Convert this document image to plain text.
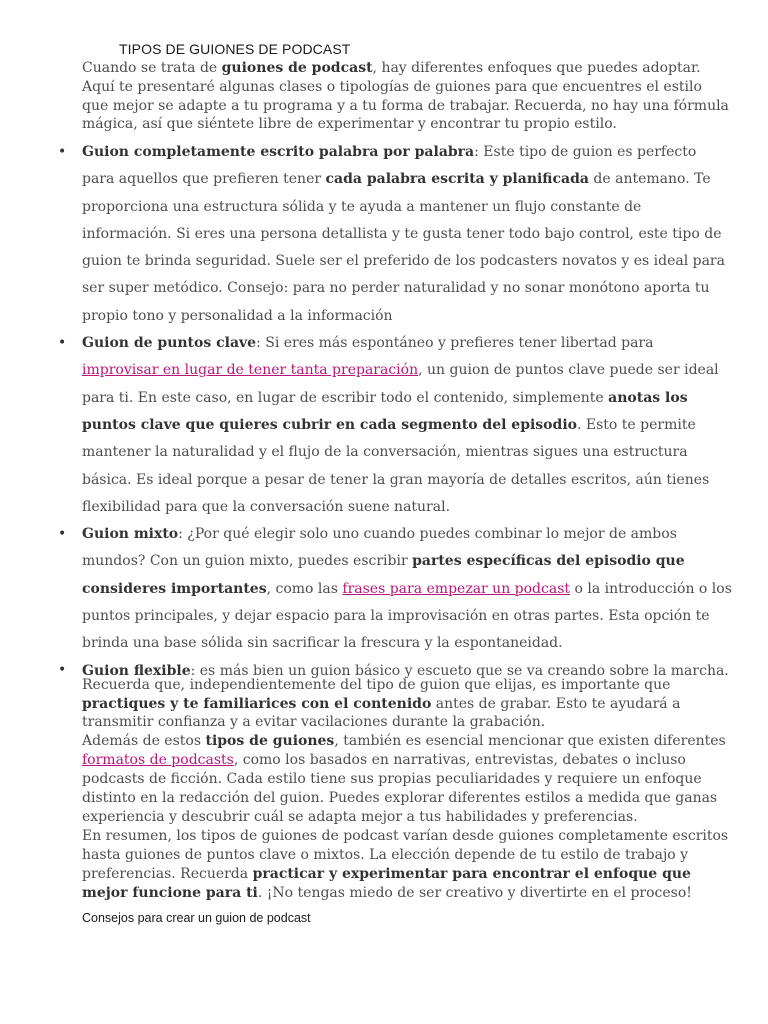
TIPOS DE GUIONES DE PODCAST

Cuando se trata de guiones de podcast, hay diferentes enfoques que puedes adoptar. Aquí te presentaré algunas clases o tipologías de guiones para que encuentres el estilo que mejor se adapte a tu programa y a tu forma de trabajar. Recuerda, no hay una fórmula mágica, así que siéntete libre de experimentar y encontrar tu propio estilo.

• Guion completamente escrito palabra por palabra: Este tipo de guion es perfecto para aquellos que prefieren tener cada palabra escrita y planificada de antemano. Te proporciona una estructura sólida y te ayuda a mantener un flujo constante de información. Si eres una persona detallista y te gusta tener todo bajo control, este tipo de guion te brinda seguridad. Suele ser el preferido de los podcasters novatos y es ideal para ser super metódico. Consejo: para no perder naturalidad y no sonar monótono aporta tu propio tono y personalidad a la información
• Guion de puntos clave: Si eres más espontáneo y prefieres tener libertad para improvisar en lugar de tener tanta preparación, un guion de puntos clave puede ser ideal para ti. En este caso, en lugar de escribir todo el contenido, simplemente anotas los puntos clave que quieres cubrir en cada segmento del episodio. Esto te permite mantener la naturalidad y el flujo de la conversación, mientras sigues una estructura básica. Es ideal porque a pesar de tener la gran mayoría de detalles escritos, aún tienes flexibilidad para que la conversación suene natural.
• Guion mixto: ¿Por qué elegir solo uno cuando puedes combinar lo mejor de ambos mundos? Con un guion mixto, puedes escribir partes específicas del episodio que consideres importantes, como las frases para empezar un podcast o la introducción o los puntos principales, y dejar espacio para la improvisación en otras partes. Esta opción te brinda una base sólida sin sacrificar la frescura y la espontaneidad.
• Guion flexible: es más bien un guion básico y escueto que se va creando sobre la marcha.
Recuerda que, independientemente del tipo de guion que elijas, es importante que practiques y te familiarices con el contenido antes de grabar. Esto te ayudará a transmitir confianza y a evitar vacilaciones durante la grabación.
Además de estos tipos de guiones, también es esencial mencionar que existen diferentes formatos de podcasts, como los basados en narrativas, entrevistas, debates o incluso podcasts de ficción. Cada estilo tiene sus propias peculiaridades y requiere un enfoque distinto en la redacción del guion. Puedes explorar diferentes estilos a medida que ganas experiencia y descubrir cuál se adapta mejor a tus habilidades y preferencias.
En resumen, los tipos de guiones de podcast varían desde guiones completamente escritos hasta guiones de puntos clave o mixtos. La elección depende de tu estilo de trabajo y preferencias. Recuerda practicar y experimentar para encontrar el enfoque que mejor funcione para ti. ¡No tengas miedo de ser creativo y divertirte en el proceso!
Consejos para crear un guion de podcast
